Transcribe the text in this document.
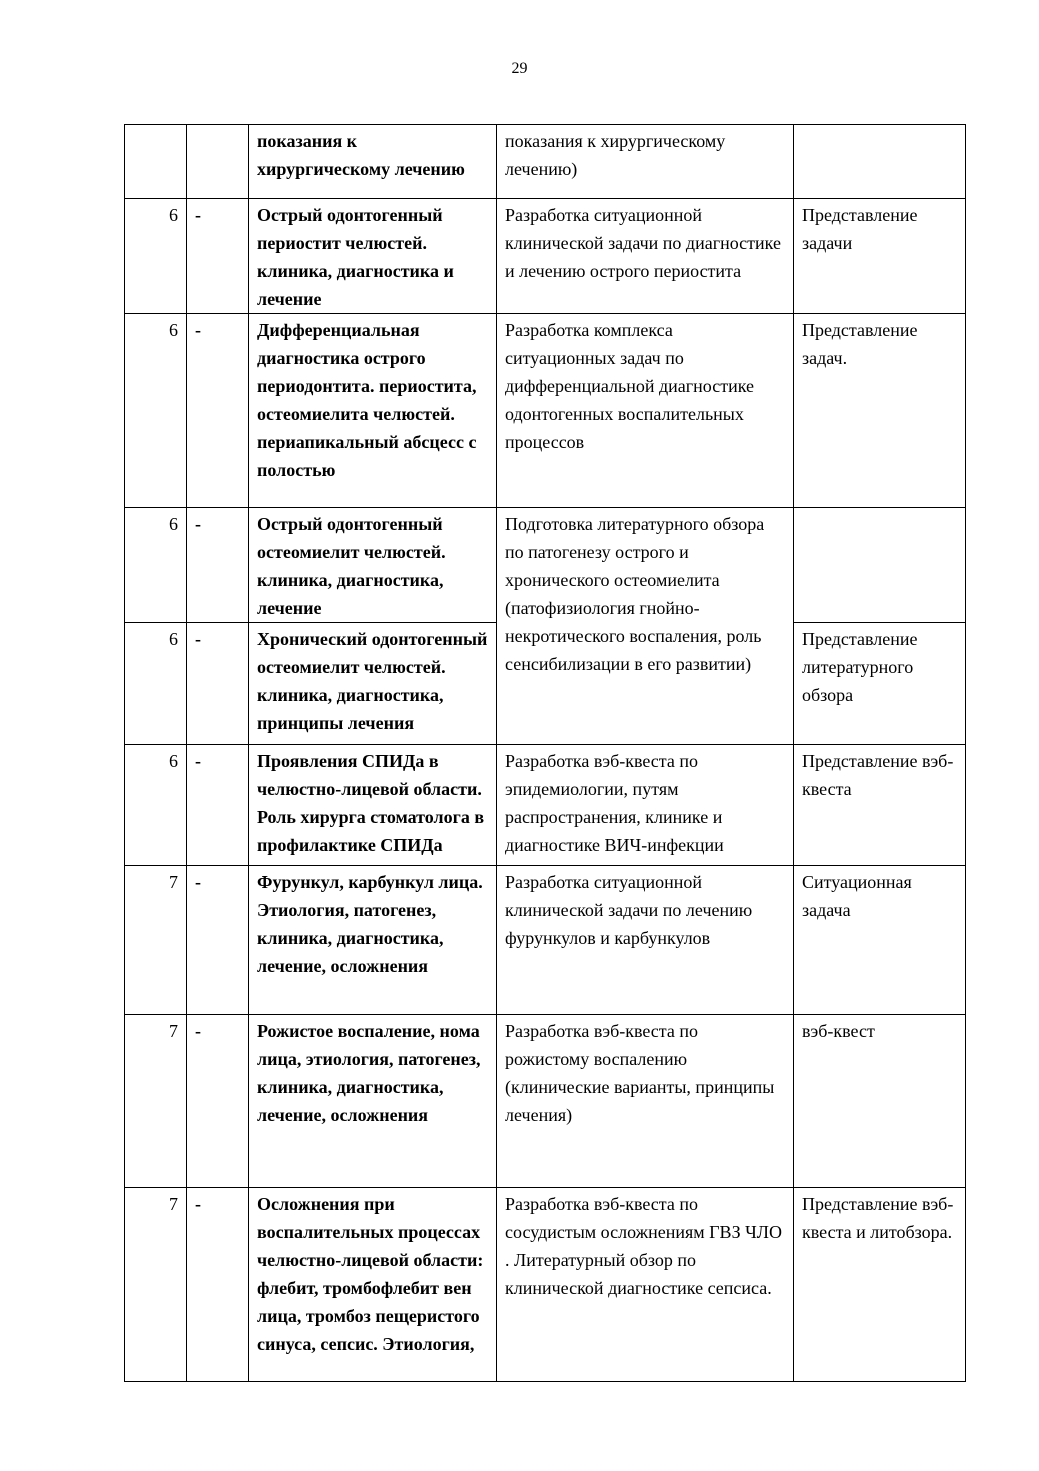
29
		показания к хирургическому лечению	показания к хирургическому лечению)	
6	-	Острый одонтогенный периостит челюстей. клиника, диагностика и лечение	Разработка ситуационной клинической задачи по диагностике и лечению острого периостита	Представление задачи
6	-	Дифференциальная диагностика острого периодонтита. периостита, остеомиелита челюстей. периапикальный абсцесс с полостью	Разработка комплекса ситуационных задач по дифференциальной диагностике одонтогенных воспалительных процессов	Представление задач.
6	-	Острый одонтогенный остеомиелит челюстей. клиника, диагностика, лечение	Подготовка литературного обзора по патогенезу острого и хронического остеомиелита (патофизиология гнойно-некротического воспаления, роль сенсибилизации в его развитии)	
6	-	Хронический одонтогенный остеомиелит челюстей. клиника, диагностика, принципы лечения		Представление литературного обзора
6	-	Проявления СПИДа в челюстно-лицевой области. Роль хирурга стоматолога в профилактике СПИДа	Разработка вэб-квеста по эпидемиологии, путям распространения, клинике и диагностике ВИЧ-инфекции	Представление вэб-квеста
7	-	Фурункул, карбункул лица. Этиология, патогенез, клиника, диагностика, лечение, осложнения	Разработка ситуационной клинической задачи по лечению фурункулов и карбункулов	Ситуационная задача
7	-	Рожистое воспаление, нома лица, этиология, патогенез, клиника, диагностика, лечение, осложнения	Разработка вэб-квеста по рожистому воспалению (клинические варианты, принципы лечения)	вэб-квест
7	-	Осложнения при воспалительных процессах челюстно-лицевой области: флебит, тромбофлебит вен лица, тромбоз пещеристого синуса, сепсис. Этиология,	Разработка вэб-квеста по сосудистым осложнениям ГВЗ ЧЛО . Литературный обзор по клинической диагностике сепсиса.	Представление вэб-квеста и литобзора.
